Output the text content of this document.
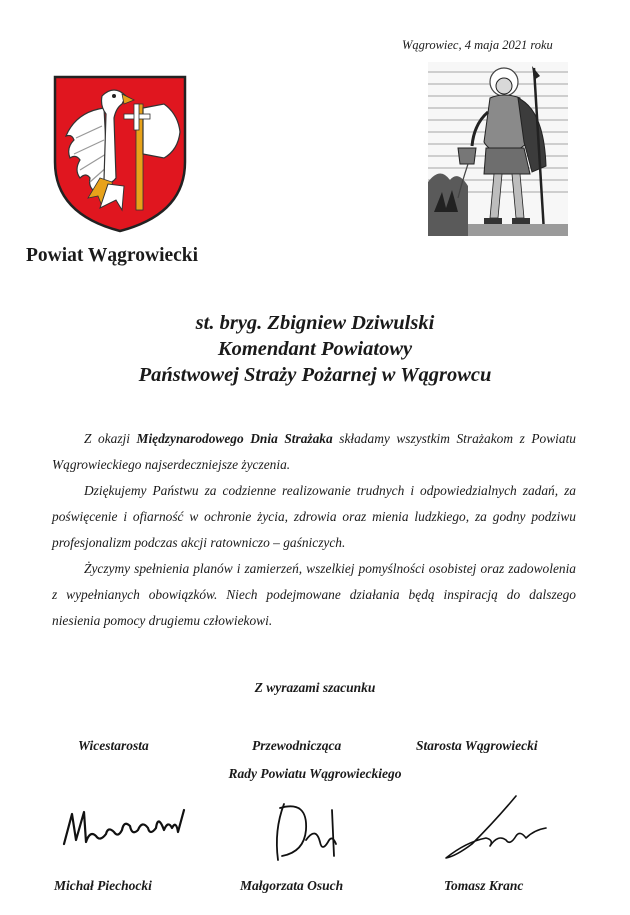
Wągrowiec, 4 maja 2021 roku
Powiat Wągrowiecki
st. bryg. Zbigniew Dziwulski
Komendant Powiatowy
Państwowej Straży Pożarnej w Wągrowcu

Z okazji Międzynarodowego Dnia Strażaka składamy wszystkim Strażakom z Powiatu Wągrowieckiego najserdeczniejsze życzenia.

Dziękujemy Państwu za codzienne realizowanie trudnych i odpowiedzialnych zadań, za poświęcenie i ofiarność w ochronie życia, zdrowia oraz mienia ludzkiego, za godny podziwu profesjonalizm podczas akcji ratowniczo – gaśniczych.

Życzymy spełnienia planów i zamierzeń, wszelkiej pomyślności osobistej oraz zadowolenia z wypełnianych obowiązków. Niech podejmowane działania będą inspiracją do dalszego niesienia pomocy drugiemu człowiekowi.

Z wyrazami szacunku
Wicestarosta	Przewodnicząca	Starosta Wągrowiecki
Rady Powiatu Wągrowieckiego
Michał Piechocki	Małgorzata Osuch	Tomasz Kranc
